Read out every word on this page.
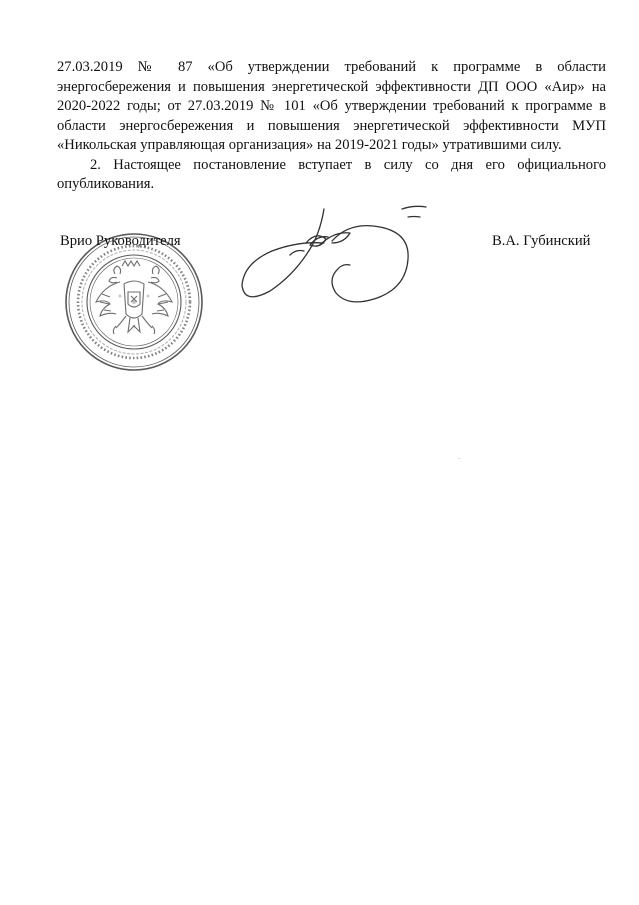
27.03.2019 № 87 «Об утверждении требований к программе в области энергосбережения и повышения энергетической эффективности ДП ООО «Аир» на 2020-2022 годы; от 27.03.2019 № 101 «Об утверждении требований к программе в области энергосбережения и повышения энергетической эффективности МУП «Никольская управляющая организация» на 2019-2021 годы» утратившими силу.

2. Настоящее постановление вступает в силу со дня его официального опубликования.

Врио Руководителя	В.А. Губинский
